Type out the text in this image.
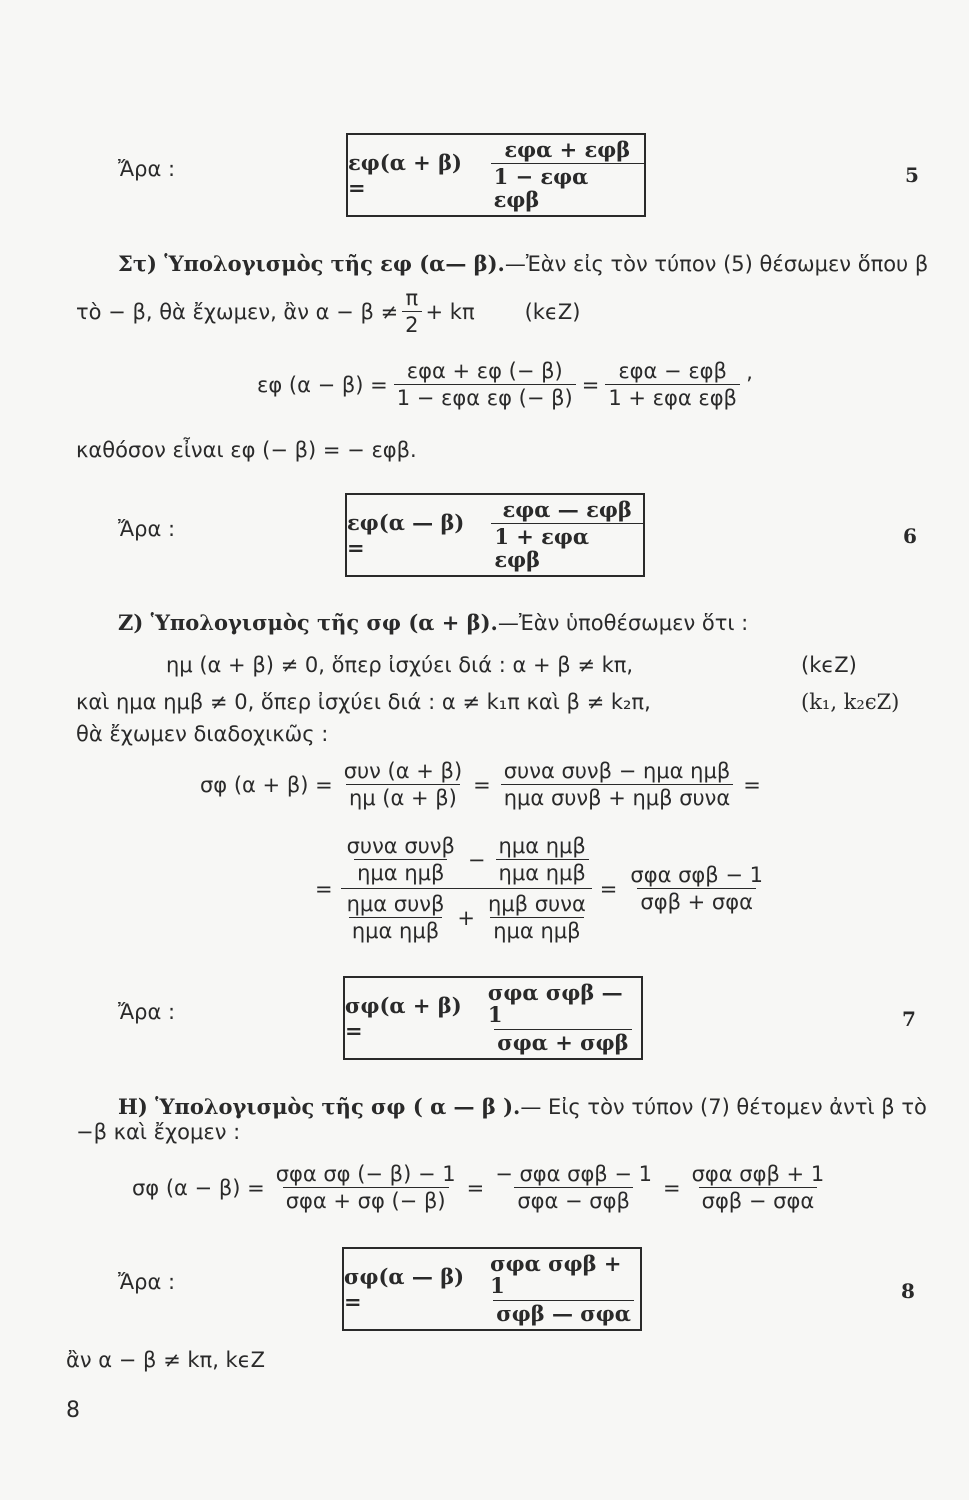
Ἄρα :	εφ(α + β) =	$\frac{\text{εφα + εφβ}}{\text{1 − εφα εφβ}}$	5
Στ) Ὑπολογισμὸς τῆς εφ (α— β).—Ἐὰν εἰς τὸν τύπον (5) θέσωμεν ὅπου β
τὸ − β, θὰ ἔχωμεν, ἂν $\alpha - \beta \ne \frac{\pi}{2} + k\pi$ (kϵZ)
εφ $(\alpha - \beta) = \frac{\text{εφα + εφ (− β)}}{\text{1 − εφα εφ (− β)}} = \frac{\text{εφα − εφβ}}{\text{1 + εφα εφβ}}$ ’
καθόσον εἶναι εφ (− β) = − εφβ.
Ἄρα :	εφ(α — β) =	$\frac{\text{εφα — εφβ}}{\text{1 + εφα εφβ}}$	6
Ζ) Ὑπολογισμὸς τῆς σφ (α + β).—Ἐὰν ὑποθέσωμεν ὅτι :
ημ (α + β) ≠ 0, ὅπερ ἰσχύει διά : α + β ≠ kπ,	(kϵZ)
καὶ ημα ημβ ≠ 0, ὅπερ ἰσχύει διά : α ≠ k₁π καὶ β ≠ k₂π,	(k₁, k₂ϵZ)
θὰ ἔχωμεν διαδοχικῶς :
σφ $(\alpha + \beta) = \frac{\text{συν (α + β)}}{\eta\mu (\alpha + \beta)} = \frac{\text{συνα συνβ − ημα ημβ}}{\text{ημα συνβ + ημβ συνα}}$ =
=
$\frac{\text{συνα συνβ}}{\text{ημα ημβ}} - \frac{\text{ημα ημβ}}{\text{ημα ημβ}}$
$\frac{\text{ημα συνβ}}{\text{ημα ημβ}} + \frac{\text{ημβ συνα}}{\text{ημα ημβ}}$
= $\frac{\text{σφα σφβ − 1}}{\text{σφβ + σφα}}$
Ἄρα :	σφ(α + β) =	$\frac{\text{σφα σφβ — 1}}{\text{σφα + σφβ}}$	7
Η) Ὑπολογισμὸς τῆς σφ ( α — β ).— Εἰς τὸν τύπον (7) θέτομεν ἀντὶ β τὸ
−β καὶ ἔχομεν :
σφ $(\alpha - \beta) = \frac{\text{σφα σφ (− β) − 1}}{\text{σφα + σφ (− β)}} = \frac{\text{− σφα σφβ − 1}}{\text{σφα − σφβ}} = \frac{\text{σφα σφβ + 1}}{\text{σφβ − σφα}}$
Ἄρα :	σφ(α — β) =	$\frac{\text{σφα σφβ + 1}}{\text{σφβ — σφα}}$	8
ἂν α − β ≠ kπ, kϵZ
8
